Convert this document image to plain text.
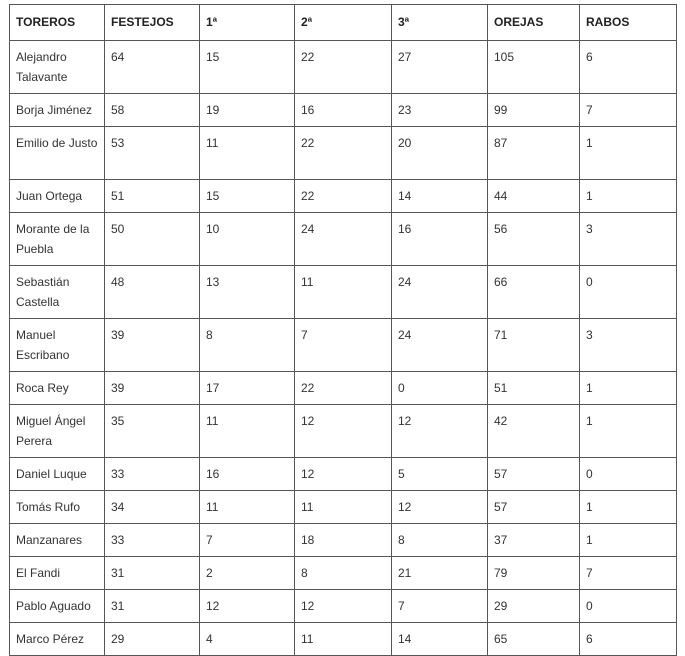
TOREROS	FESTEJOS	1ª	2ª	3ª	OREJAS	RABOS
Alejandro Talavante	64	15	22	27	105	6
Borja Jiménez	58	19	16	23	99	7
Emilio de Justo	53	11	22	20	87	1
Juan Ortega	51	15	22	14	44	1
Morante de la Puebla	50	10	24	16	56	3
Sebastián Castella	48	13	11	24	66	0
Manuel Escribano	39	8	7	24	71	3
Roca Rey	39	17	22	0	51	1
Miguel Ángel Perera	35	11	12	12	42	1
Daniel Luque	33	16	12	5	57	0
Tomás Rufo	34	11	11	12	57	1
Manzanares	33	7	18	8	37	1
El Fandi	31	2	8	21	79	7
Pablo Aguado	31	12	12	7	29	0
Marco Pérez	29	4	11	14	65	6
